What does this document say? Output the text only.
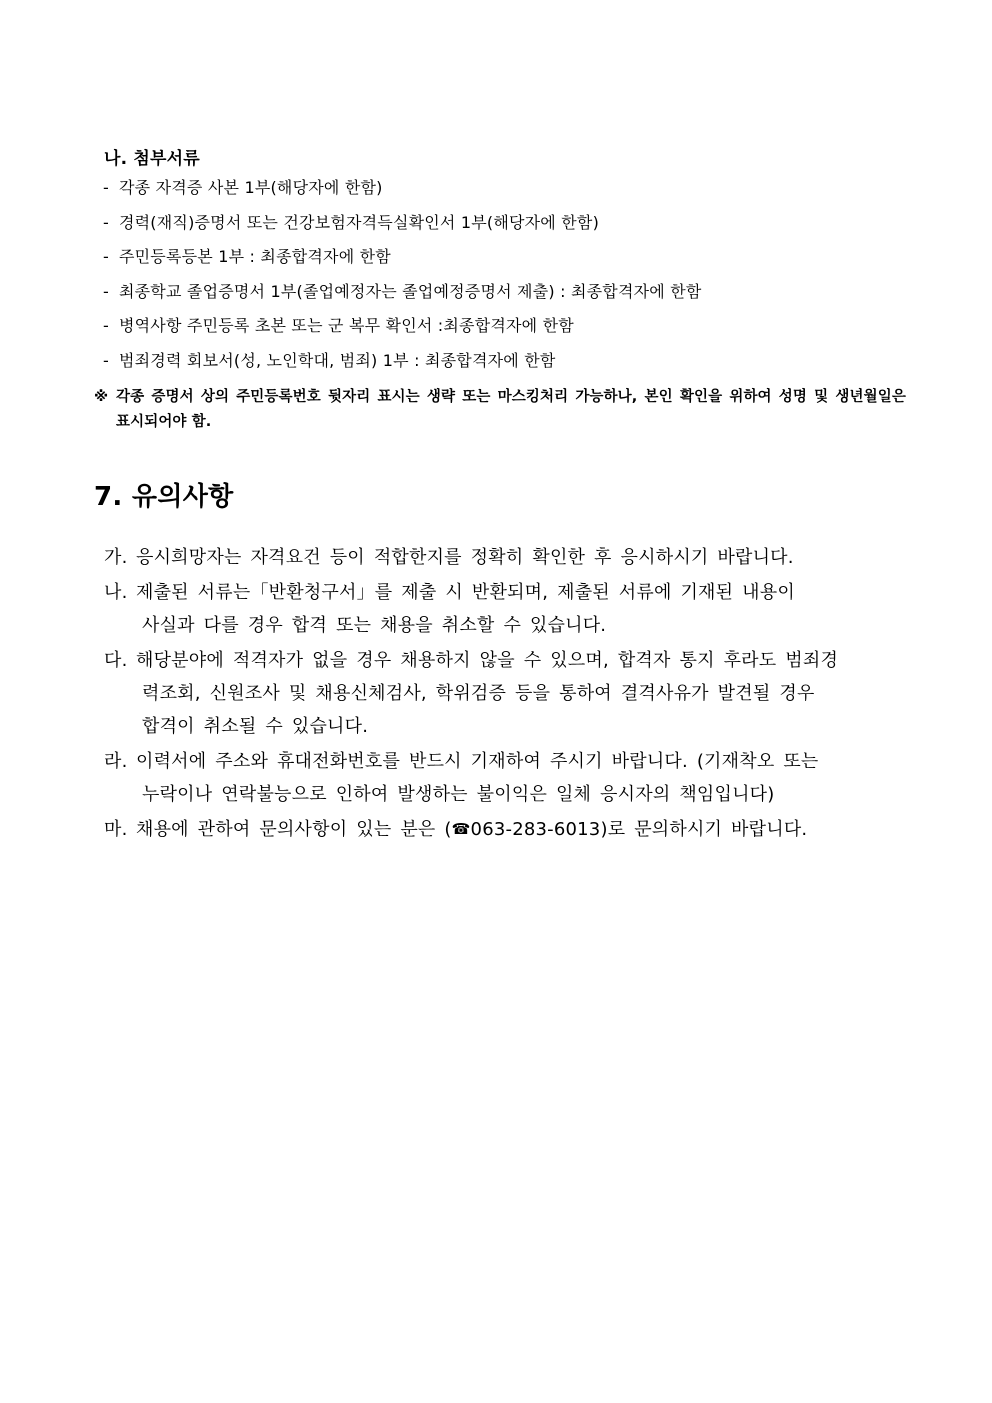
나. 첨부서류
- 각종 자격증 사본 1부(해당자에 한함)
- 경력(재직)증명서 또는 건강보험자격득실확인서 1부(해당자에 한함)
- 주민등록등본 1부 : 최종합격자에 한함
- 최종학교 졸업증명서 1부(졸업예정자는 졸업예정증명서 제출) : 최종합격자에 한함
- 병역사항 주민등록 초본 또는 군 복무 확인서 :최종합격자에 한함
- 범죄경력 회보서(성, 노인학대, 범죄) 1부 : 최종합격자에 한함
※ 각종 증명서 상의 주민등록번호 뒷자리 표시는 생략 또는 마스킹처리 가능하나, 본인 확인을 위하여 성명 및 생년월일은
표시되어야 함.
7. 유의사항
가. 응시희망자는 자격요건 등이 적합한지를 정확히 확인한 후 응시하시기 바랍니다.
나. 제출된 서류는「반환청구서」를 제출 시 반환되며, 제출된 서류에 기재된 내용이
사실과 다를 경우 합격 또는 채용을 취소할 수 있습니다.
다. 해당분야에 적격자가 없을 경우 채용하지 않을 수 있으며, 합격자 통지 후라도 범죄경
력조회, 신원조사 및 채용신체검사, 학위검증 등을 통하여 결격사유가 발견될 경우
합격이 취소될 수 있습니다.
라. 이력서에 주소와 휴대전화번호를 반드시 기재하여 주시기 바랍니다. (기재착오 또는
누락이나 연락불능으로 인하여 발생하는 불이익은 일체 응시자의 책임입니다)
마. 채용에 관하여 문의사항이 있는 분은 (☎063-283-6013)로 문의하시기 바랍니다.
